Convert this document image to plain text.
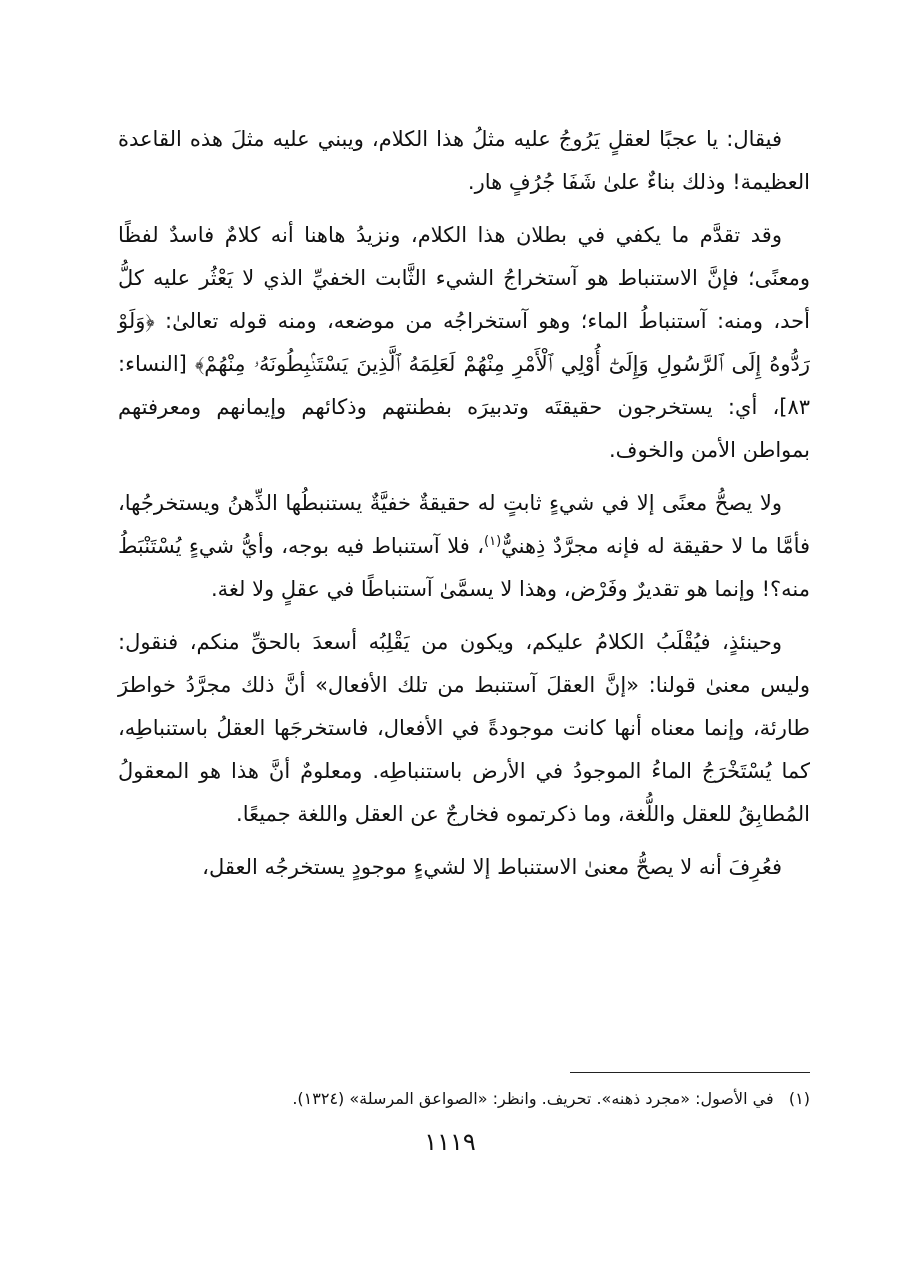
فيقال: يا عجبًا لعقلٍ يَرُوجُ عليه مثلُ هذا الكلام، ويبني عليه مثلَ هذه القاعدة العظيمة! وذلك بناءٌ علىٰ شَفَا جُرُفٍ هار.

وقد تقدَّم ما يكفي في بطلان هذا الكلام، ونزيدُ هاهنا أنه كلامٌ فاسدٌ لفظًا ومعنًى؛ فإنَّ الاستنباط هو آستخراجُ الشيء الثَّابت الخفيِّ الذي لا يَعْثُر عليه كلُّ أحد، ومنه: آستنباطُ الماء؛ وهو آستخراجُه من موضعه، ومنه قوله تعالىٰ: ﴿وَلَوْ رَدُّوهُ إِلَى ٱلرَّسُولِ وَإِلَىٰٓ أُوْلِي ٱلْأَمْرِ مِنْهُمْ لَعَلِمَهُ ٱلَّذِينَ يَسْتَنۢبِطُونَهُۥ مِنْهُمْ﴾ [النساء: ٨٣]، أي: يستخرجون حقيقتَه وتدبيرَه بفطنتهم وذكائهم وإيمانهم ومعرفتهم بمواطن الأمن والخوف.

ولا يصحُّ معنًى إلا في شيءٍ ثابتٍ له حقيقةٌ خفيَّةٌ يستنبطُها الذِّهنُ ويستخرجُها، فأمَّا ما لا حقيقة له فإنه مجرَّدٌ ذِهنيٌّ$^{(١)}$، فلا آستنباط فيه بوجه، وأيُّ شيءٍ يُسْتَنْبَطُ منه؟! وإنما هو تقديرٌ وفَرْض، وهذا لا يسمَّىٰ آستنباطًا في عقلٍ ولا لغة.

وحينئذٍ، فيُقْلَبُ الكلامُ عليكم، ويكون من يَقْلِبُه أسعدَ بالحقِّ منكم، فنقول: وليس معنىٰ قولنا: «إنَّ العقلَ آستنبط من تلك الأفعال» أنَّ ذلك مجرَّدُ خواطرَ طارئة، وإنما معناه أنها كانت موجودةً في الأفعال، فاستخرجَها العقلُ باستنباطِه، كما يُسْتَخْرَجُ الماءُ الموجودُ في الأرض باستنباطِه. ومعلومٌ أنَّ هذا هو المعقولُ المُطابِقُ للعقل واللُّغة، وما ذكرتموه فخارجٌ عن العقل واللغة جميعًا.

فعُرِفَ أنه لا يصحُّ معنىٰ الاستنباط إلا لشيءٍ موجودٍ يستخرجُه العقل،

(١)   في الأصول: «مجرد ذهنه». تحريف. وانظر: «الصواعق المرسلة» (١٣٢٤).
١١١٩
